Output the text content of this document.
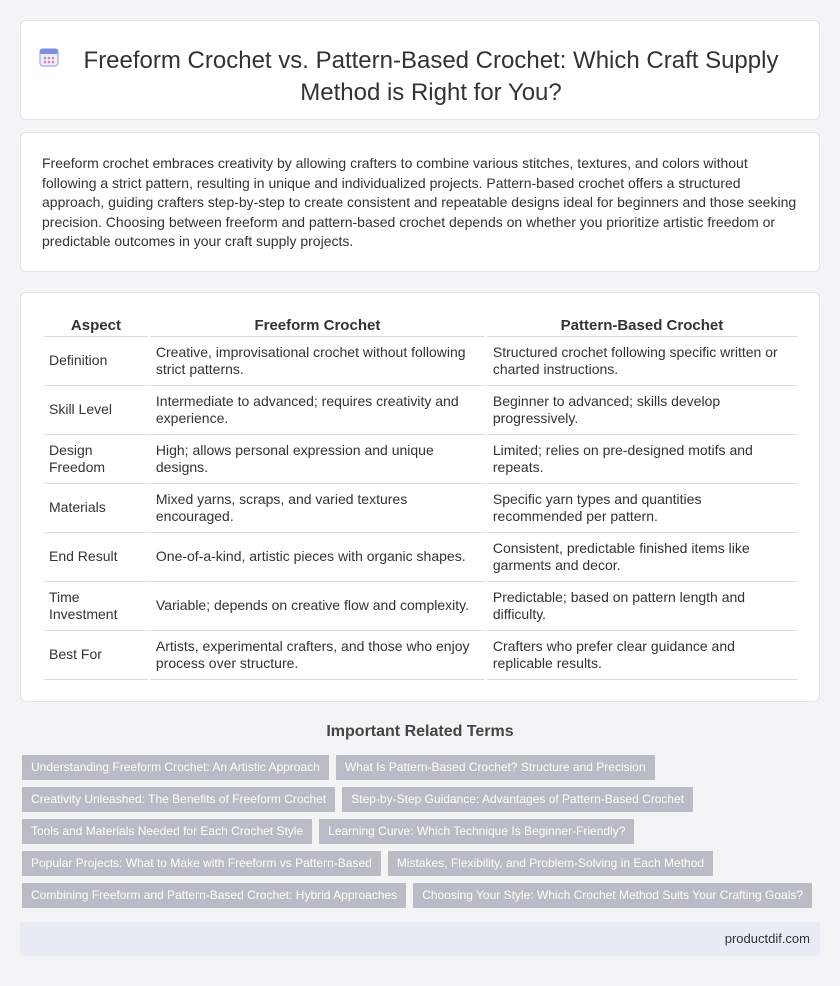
Freeform Crochet vs. Pattern-Based Crochet: Which Craft Supply Method is Right for You?

Freeform crochet embraces creativity by allowing crafters to combine various stitches, textures, and colors without following a strict pattern, resulting in unique and individualized projects. Pattern-based crochet offers a structured approach, guiding crafters step-by-step to create consistent and repeatable designs ideal for beginners and those seeking precision. Choosing between freeform and pattern-based crochet depends on whether you prioritize artistic freedom or predictable outcomes in your craft supply projects.

Aspect	Freeform Crochet	Pattern-Based Crochet
Definition	Creative, improvisational crochet without following strict patterns.	Structured crochet following specific written or charted instructions.
Skill Level	Intermediate to advanced; requires creativity and experience.	Beginner to advanced; skills develop progressively.
Design Freedom	High; allows personal expression and unique designs.	Limited; relies on pre-designed motifs and repeats.
Materials	Mixed yarns, scraps, and varied textures encouraged.	Specific yarn types and quantities recommended per pattern.
End Result	One-of-a-kind, artistic pieces with organic shapes.	Consistent, predictable finished items like garments and decor.
Time Investment	Variable; depends on creative flow and complexity.	Predictable; based on pattern length and difficulty.
Best For	Artists, experimental crafters, and those who enjoy process over structure.	Crafters who prefer clear guidance and replicable results.
Important Related Terms
Understanding Freeform Crochet: An Artistic Approach	What Is Pattern-Based Crochet? Structure and Precision
Creativity Unleashed: The Benefits of Freeform Crochet	Step-by-Step Guidance: Advantages of Pattern-Based Crochet
Tools and Materials Needed for Each Crochet Style	Learning Curve: Which Technique Is Beginner-Friendly?
Popular Projects: What to Make with Freeform vs Pattern-Based	Mistakes, Flexibility, and Problem-Solving in Each Method
Combining Freeform and Pattern-Based Crochet: Hybrid Approaches	Choosing Your Style: Which Crochet Method Suits Your Crafting Goals?
productdif.com
